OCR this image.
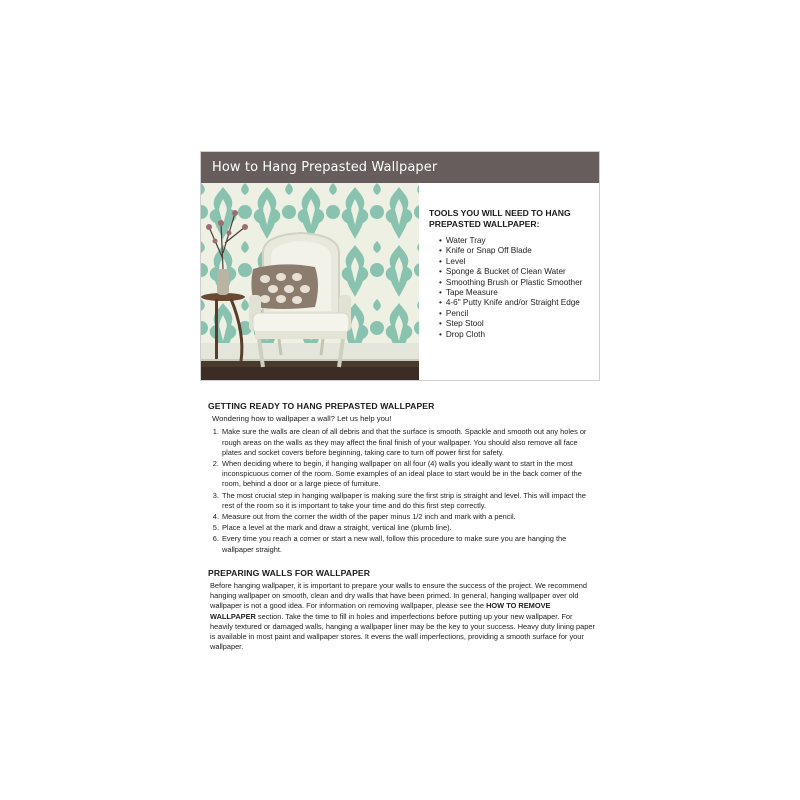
How to Hang Prepasted Wallpaper

TOOLS YOU WILL NEED TO HANG PREPASTED WALLPAPER:

• Water Tray
• Knife or Snap Off Blade
• Level
• Sponge & Bucket of Clean Water
• Smoothing Brush or Plastic Smoother
• Tape Measure
• 4-6" Putty Knife and/or Straight Edge
• Pencil
• Step Stool
• Drop Cloth

GETTING READY TO HANG PREPASTED WALLPAPER

Wondering how to wallpaper a wall? Let us help you!

1. Make sure the walls are clean of all debris and that the surface is smooth. Spackle and smooth out any holes or rough areas on the walls as they may affect the final finish of your wallpaper. You should also remove all face plates and socket covers before beginning, taking care to turn off power first for safety.
2. When deciding where to begin, if hanging wallpaper on all four (4) walls you ideally want to start in the most inconspicuous corner of the room. Some examples of an ideal place to start would be in the back corner of the room, behind a door or a large piece of furniture.
3. The most crucial step in hanging wallpaper is making sure the first strip is straight and level. This will impact the rest of the room so it is important to take your time and do this first step correctly.
4. Measure out from the corner the width of the paper minus 1/2 inch and mark with a pencil.
5. Place a level at the mark and draw a straight, vertical line (plumb line).
6. Every time you reach a corner or start a new wall, follow this procedure to make sure you are hanging the wallpaper straight.

PREPARING WALLS FOR WALLPAPER

Before hanging wallpaper, it is important to prepare your walls to ensure the success of the project. We recommend hanging wallpaper on smooth, clean and dry walls that have been primed. In general, hanging wallpaper over old wallpaper is not a good idea. For information on removing wallpaper, please see the HOW TO REMOVE WALLPAPER section. Take the time to fill in holes and imperfections before putting up your new wallpaper. For heavily textured or damaged walls, hanging a wallpaper liner may be the key to your success. Heavy duty lining paper is available in most paint and wallpaper stores. It evens the wall imperfections, providing a smooth surface for your wallpaper.
